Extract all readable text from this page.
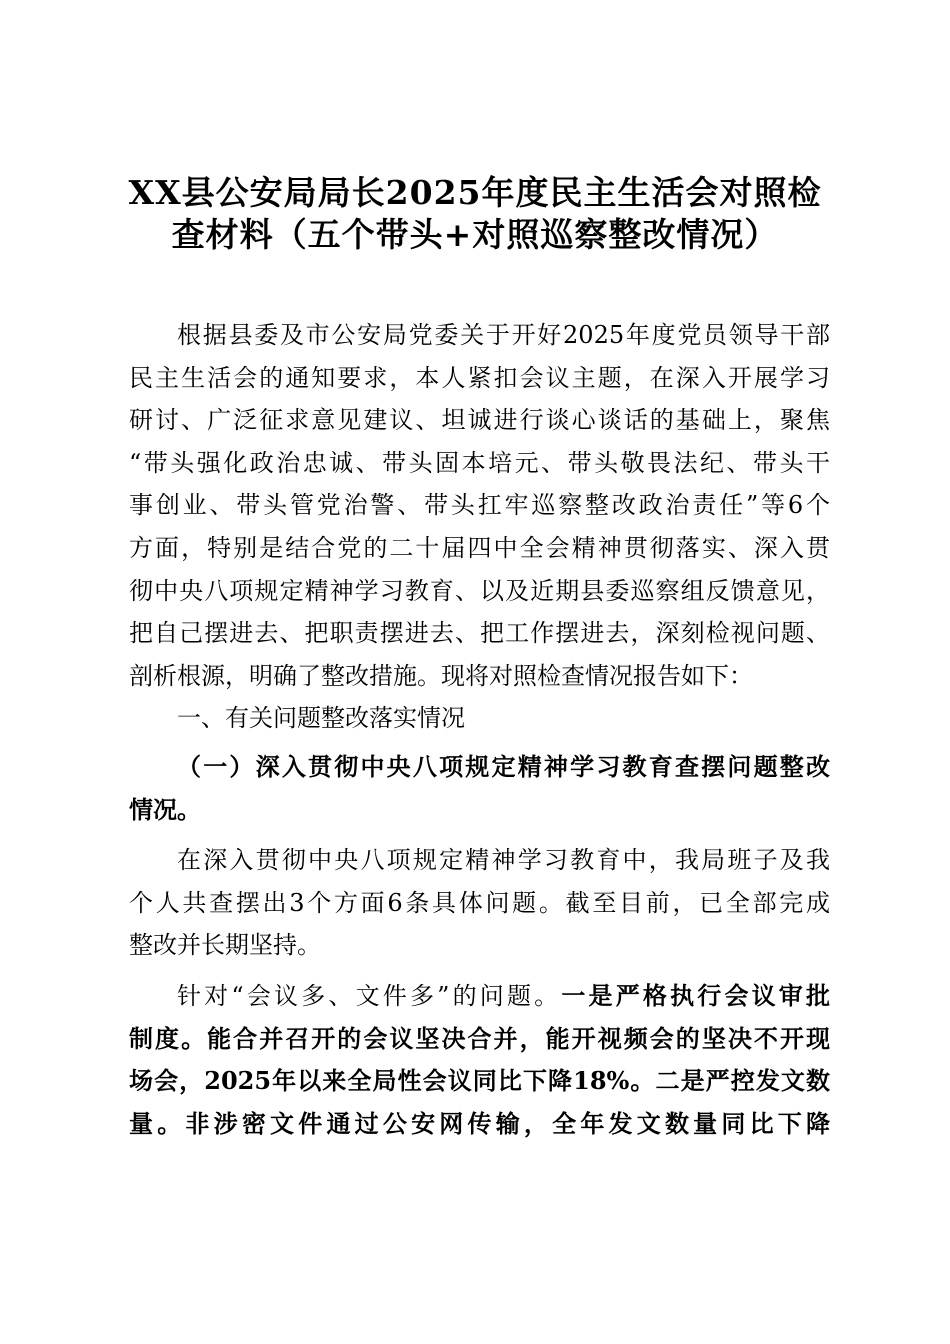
XX县公安局局长2025年度民主生活会对照检
查材料（五个带头+对照巡察整改情况）
根据县委及市公安局党委关于开好2025年度党员领导干部
民主生活会的通知要求，本人紧扣会议主题，在深入开展学习
研讨、广泛征求意见建议、坦诚进行谈心谈话的基础上，聚焦
“带头强化政治忠诚、带头固本培元、带头敬畏法纪、带头干
事创业、带头管党治警、带头扛牢巡察整改政治责任”等6个
方面，特别是结合党的二十届四中全会精神贯彻落实、深入贯
彻中央八项规定精神学习教育、以及近期县委巡察组反馈意见，
把自己摆进去、把职责摆进去、把工作摆进去，深刻检视问题、
剖析根源，明确了整改措施。现将对照检查情况报告如下：
一、有关问题整改落实情况
（一）深入贯彻中央八项规定精神学习教育查摆问题整改
情况。
在深入贯彻中央八项规定精神学习教育中，我局班子及我
个人共查摆出3个方面6条具体问题。截至目前，已全部完成
整改并长期坚持。
针对“会议多、文件多”的问题。一是严格执行会议审批
制度。能合并召开的会议坚决合并，能开视频会的坚决不开现
场会，2025年以来全局性会议同比下降18%。二是严控发文数
量。非涉密文件通过公安网传输，全年发文数量同比下降
